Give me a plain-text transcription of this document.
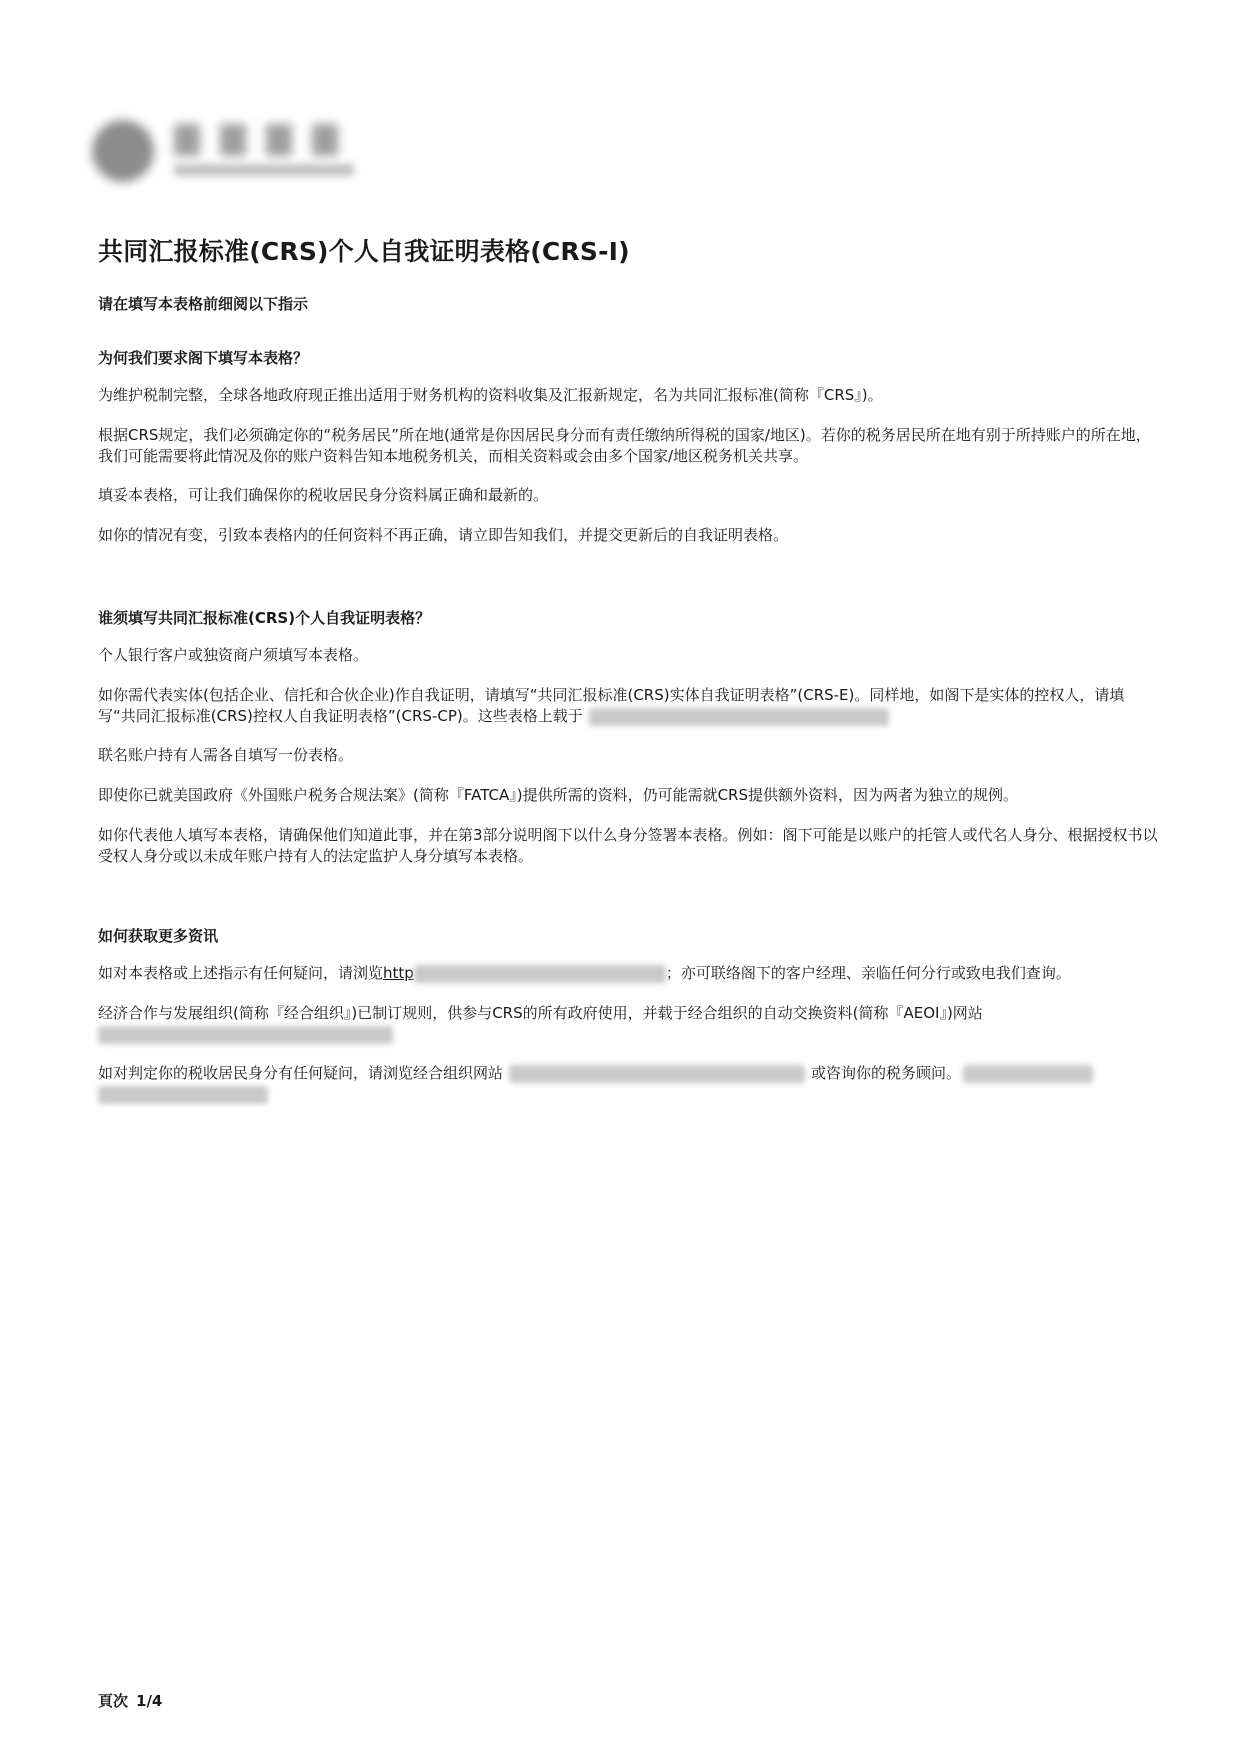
共同汇报标准(CRS)个人自我证明表格(CRS-I)

请在填写本表格前细阅以下指示

为何我们要求阁下填写本表格？

为维护税制完整，全球各地政府现正推出适用于财务机构的资料收集及汇报新规定，名为共同汇报标准(简称『CRS』)。

根据CRS规定，我们必须确定你的“税务居民”所在地(通常是你因居民身分而有责任缴纳所得税的国家/地区)。若你的税务居民所在地有别于所持账户的所在地，我们可能需要将此情况及你的账户资料告知本地税务机关，而相关资料或会由多个国家/地区税务机关共享。

填妥本表格，可让我们确保你的税收居民身分资料属正确和最新的。

如你的情况有变，引致本表格内的任何资料不再正确，请立即告知我们，并提交更新后的自我证明表格。

谁须填写共同汇报标准(CRS)个人自我证明表格？

个人银行客户或独资商户须填写本表格。

如你需代表实体(包括企业、信托和合伙企业)作自我证明，请填写“共同汇报标准(CRS)实体自我证明表格”(CRS-E)。同样地，如阁下是实体的控权人，请填写“共同汇报标准(CRS)控权人自我证明表格”(CRS-CP)。这些表格上载于

联名账户持有人需各自填写一份表格。

即使你已就美国政府《外国账户税务合规法案》(简称『FATCA』)提供所需的资料，仍可能需就CRS提供额外资料，因为两者为独立的规例。

如你代表他人填写本表格，请确保他们知道此事，并在第3部分说明阁下以什么身分签署本表格。例如：阁下可能是以账户的托管人或代名人身分、根据授权书以受权人身分或以未成年账户持有人的法定监护人身分填写本表格。

如何获取更多资讯

如对本表格或上述指示有任何疑问，请浏览http	；亦可联络阁下的客户经理、亲临任何分行或致电我们查询。

经济合作与发展组织(简称『经合组织』)已制订规则，供参与CRS的所有政府使用，并载于经合组织的自动交换资料(简称『AEOI』)网站

如对判定你的税收居民身分有任何疑问，请浏览经合组织网站	或咨询你的税务顾问。

頁次 1/4
